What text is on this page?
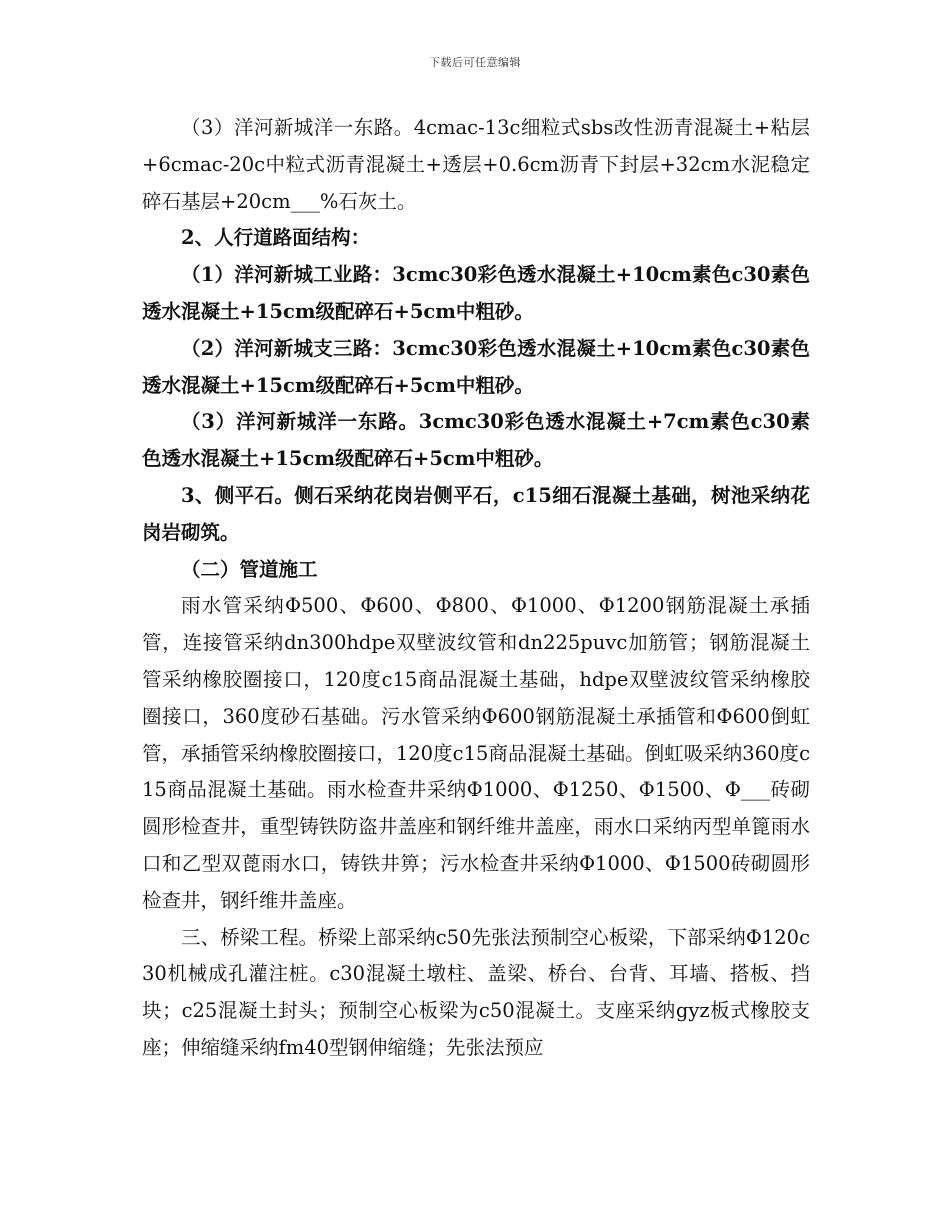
下载后可任意编辑

（3）洋河新城洋一东路。4cmac-13c细粒式sbs改性沥青混凝土+粘层+6cmac-20c中粒式沥青混凝土+透层+0.6cm沥青下封层+32cm水泥稳定碎石基层+20cm___%石灰土。

2、人行道路面结构：

（1）洋河新城工业路：3cmc30彩色透水混凝土+10cm素色c30素色透水混凝土+15cm级配碎石+5cm中粗砂。

（2）洋河新城支三路：3cmc30彩色透水混凝土+10cm素色c30素色透水混凝土+15cm级配碎石+5cm中粗砂。

（3）洋河新城洋一东路。3cmc30彩色透水混凝土+7cm素色c30素色透水混凝土+15cm级配碎石+5cm中粗砂。

3、侧平石。侧石采纳花岗岩侧平石，c15细石混凝土基础，树池采纳花岗岩砌筑。

（二）管道施工

雨水管采纳Φ500、Φ600、Φ800、Φ1000、Φ1200钢筋混凝土承插管，连接管采纳dn300hdpe双壁波纹管和dn225puvc加筋管；钢筋混凝土管采纳橡胶圈接口，120度c15商品混凝土基础，hdpe双壁波纹管采纳橡胶圈接口，360度砂石基础。污水管采纳Φ600钢筋混凝土承插管和Φ600倒虹管，承插管采纳橡胶圈接口，120度c15商品混凝土基础。倒虹吸采纳360度c15商品混凝土基础。雨水检查井采纳Φ1000、Φ1250、Φ1500、Φ___砖砌圆形检查井，重型铸铁防盗井盖座和钢纤维井盖座，雨水口采纳丙型单篦雨水口和乙型双蓖雨水口，铸铁井箅；污水检查井采纳Φ1000、Φ1500砖砌圆形检查井，钢纤维井盖座。

三、桥梁工程。桥梁上部采纳c50先张法预制空心板梁，下部采纳Φ120c30机械成孔灌注桩。c30混凝土墩柱、盖梁、桥台、台背、耳墙、搭板、挡块；c25混凝土封头；预制空心板梁为c50混凝土。支座采纳gyz板式橡胶支座；伸缩缝采纳fm40型钢伸缩缝；先张法预应
